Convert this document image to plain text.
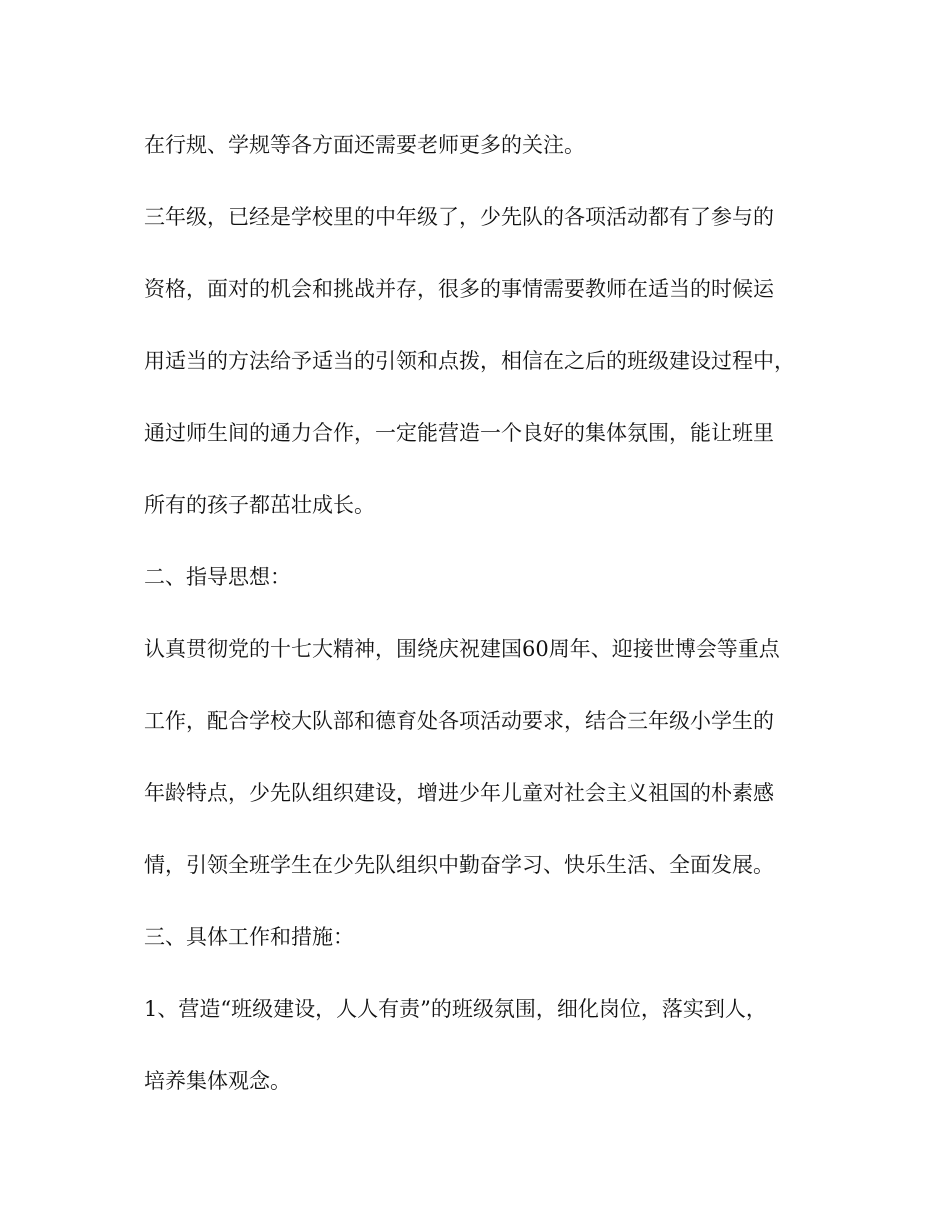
在行规、学规等各方面还需要老师更多的关注。
三年级，已经是学校里的中年级了，少先队的各项活动都有了参与的
资格，面对的机会和挑战并存，很多的事情需要教师在适当的时候运
用适当的方法给予适当的引领和点拨，相信在之后的班级建设过程中，
通过师生间的通力合作，一定能营造一个良好的集体氛围，能让班里
所有的孩子都茁壮成长。
二、指导思想：
认真贯彻党的十七大精神，围绕庆祝建国60周年、迎接世博会等重点
工作，配合学校大队部和德育处各项活动要求，结合三年级小学生的
年龄特点，少先队组织建设，增进少年儿童对社会主义祖国的朴素感
情，引领全班学生在少先队组织中勤奋学习、快乐生活、全面发展。
三、具体工作和措施：
1、营造“班级建设，人人有责”的班级氛围，细化岗位，落实到人，
培养集体观念。
